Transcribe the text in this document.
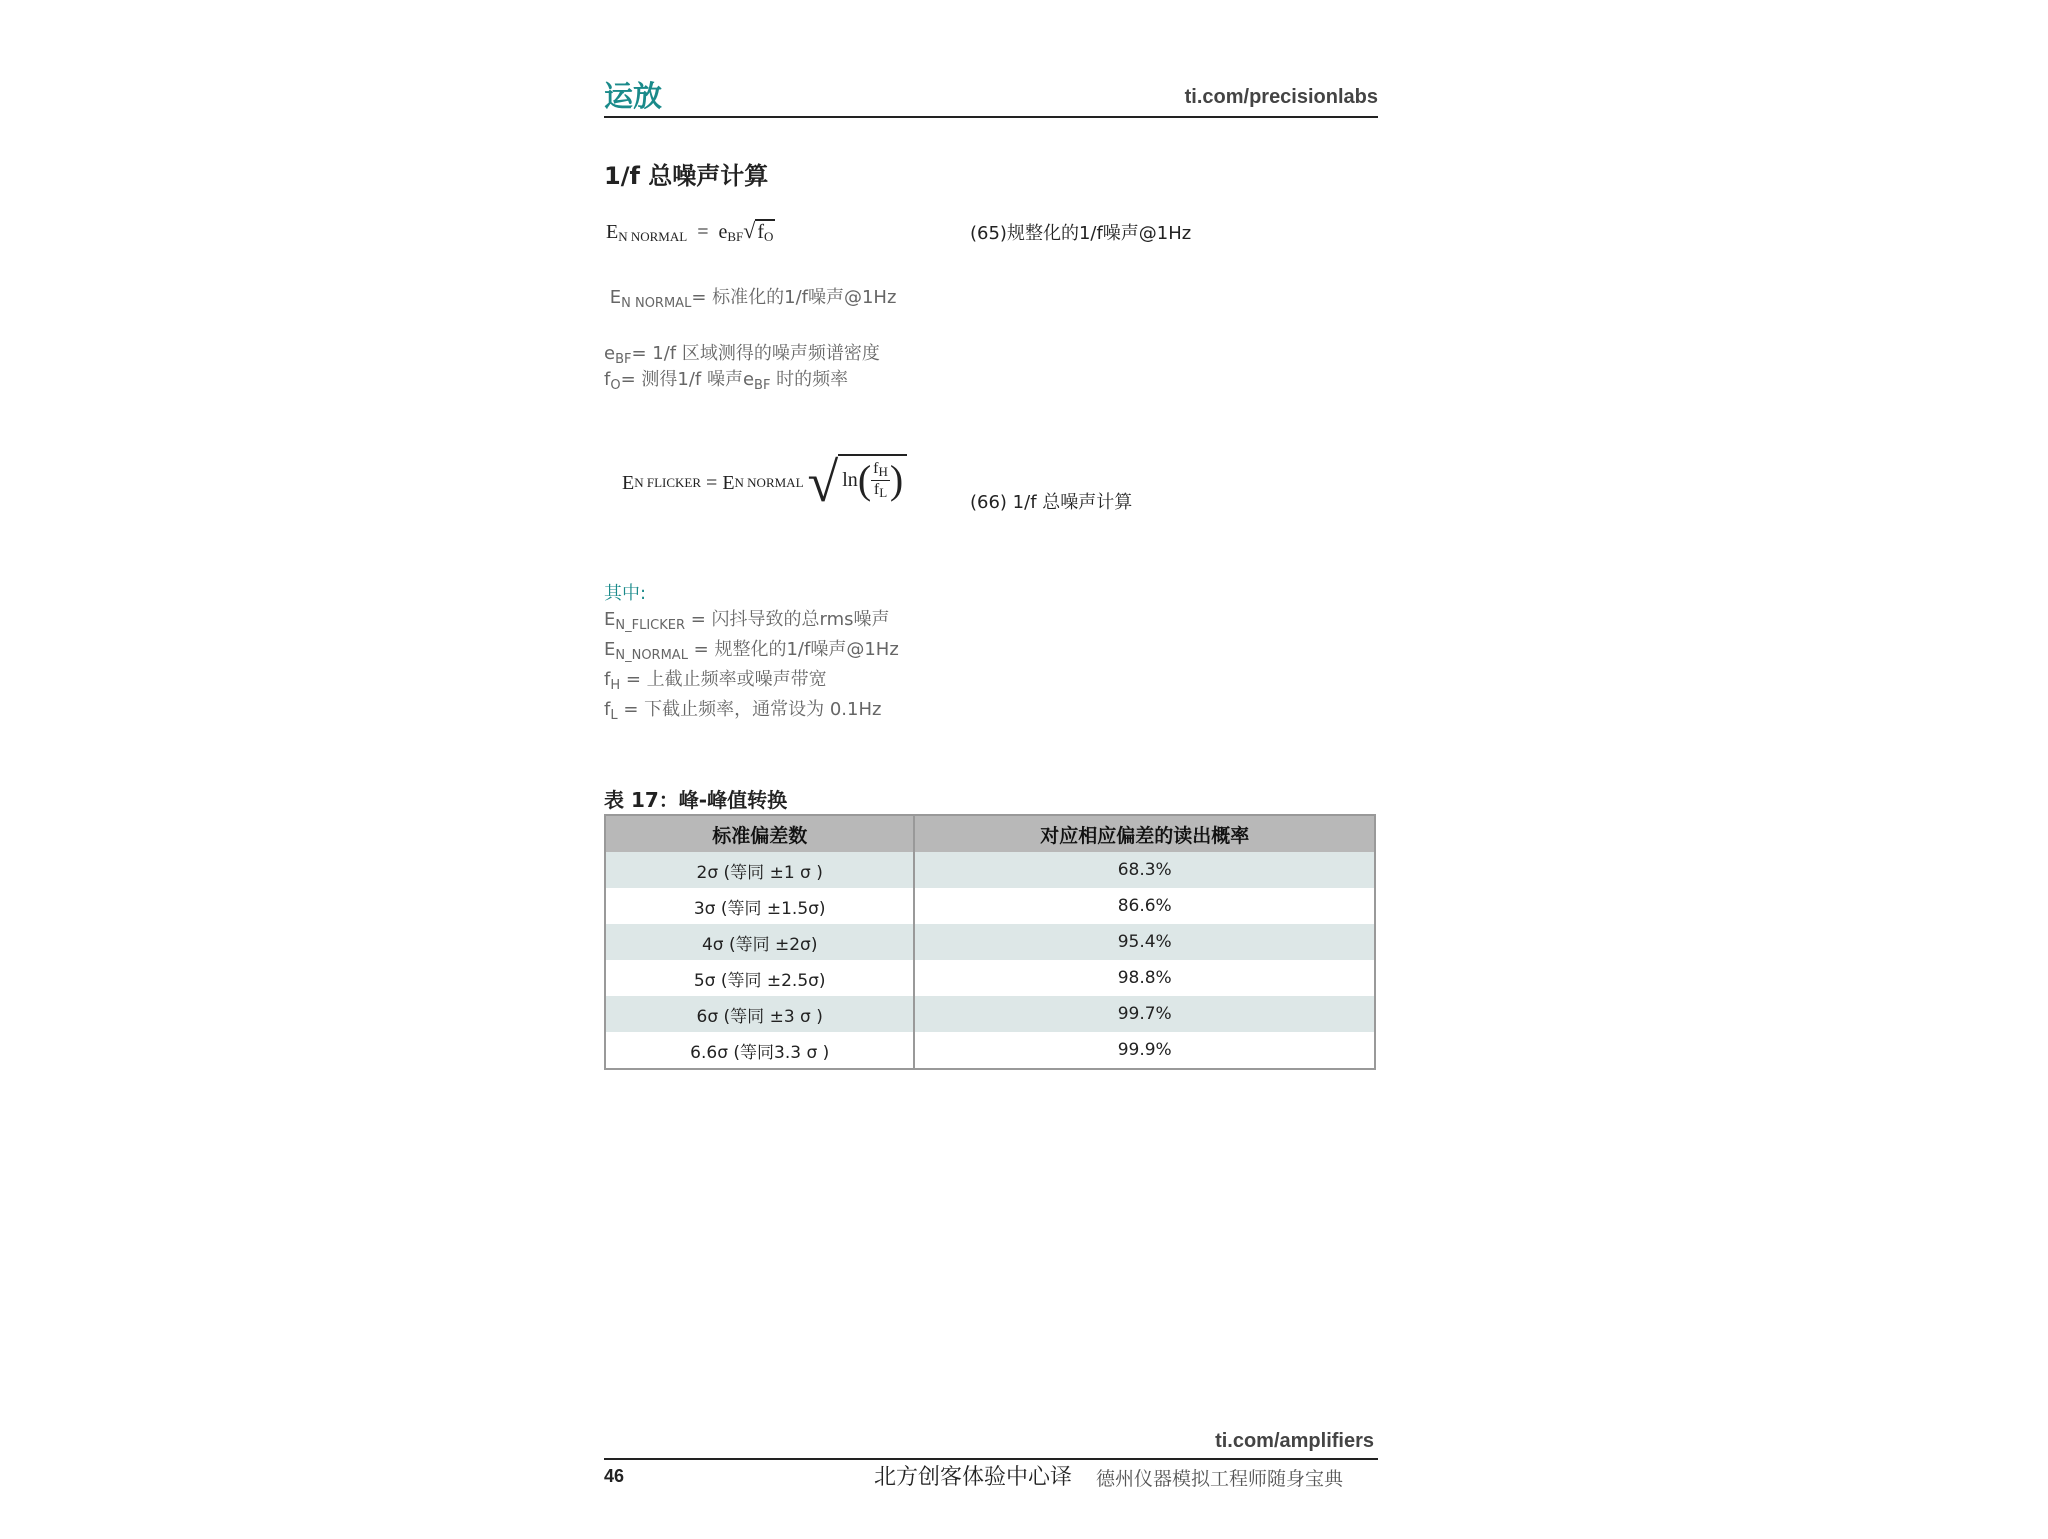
运放	ti.com/precisionlabs
1/f 总噪声计算
$E_{N NORMAL} = e_{BF}√$ $f_O$	(65)规整化的1/f噪声@1Hz
$E_{N NORMAL}=$ 标准化的1/f噪声@1Hz
$e_{BF}= 1/f$ 区域测得的噪声频谱密度
$f_O=$ 测得1/f 噪声$e_{BF}$ 时的频率
E N FLICKER = E N NORMAL √ ln ( $\frac{f_H}{f_L}$ )
(66) 1/f 总噪声计算
其中:
$E_{N\_FLICKER}$ = 闪抖导致的总rms噪声
$E_{N\_NORMAL}$ = 规整化的1/f噪声@1Hz
$f_H$ = 上截止频率或噪声带宽
$f_L$ = 下截止频率，通常设为 0.1Hz
表 17：峰-峰值转换
标准偏差数	对应相应偏差的读出概率
2σ (等同 ±1 σ )	68.3%
3σ (等同 ±1.5σ)	86.6%
4σ (等同 ±2σ)	95.4%
5σ (等同 ±2.5σ)	98.8%
6σ (等同 ±3 σ )	99.7%
6.6σ (等同3.3 σ )	99.9%
ti.com/amplifiers
46	北方创客体验中心译 德州仪器模拟工程师随身宝典
